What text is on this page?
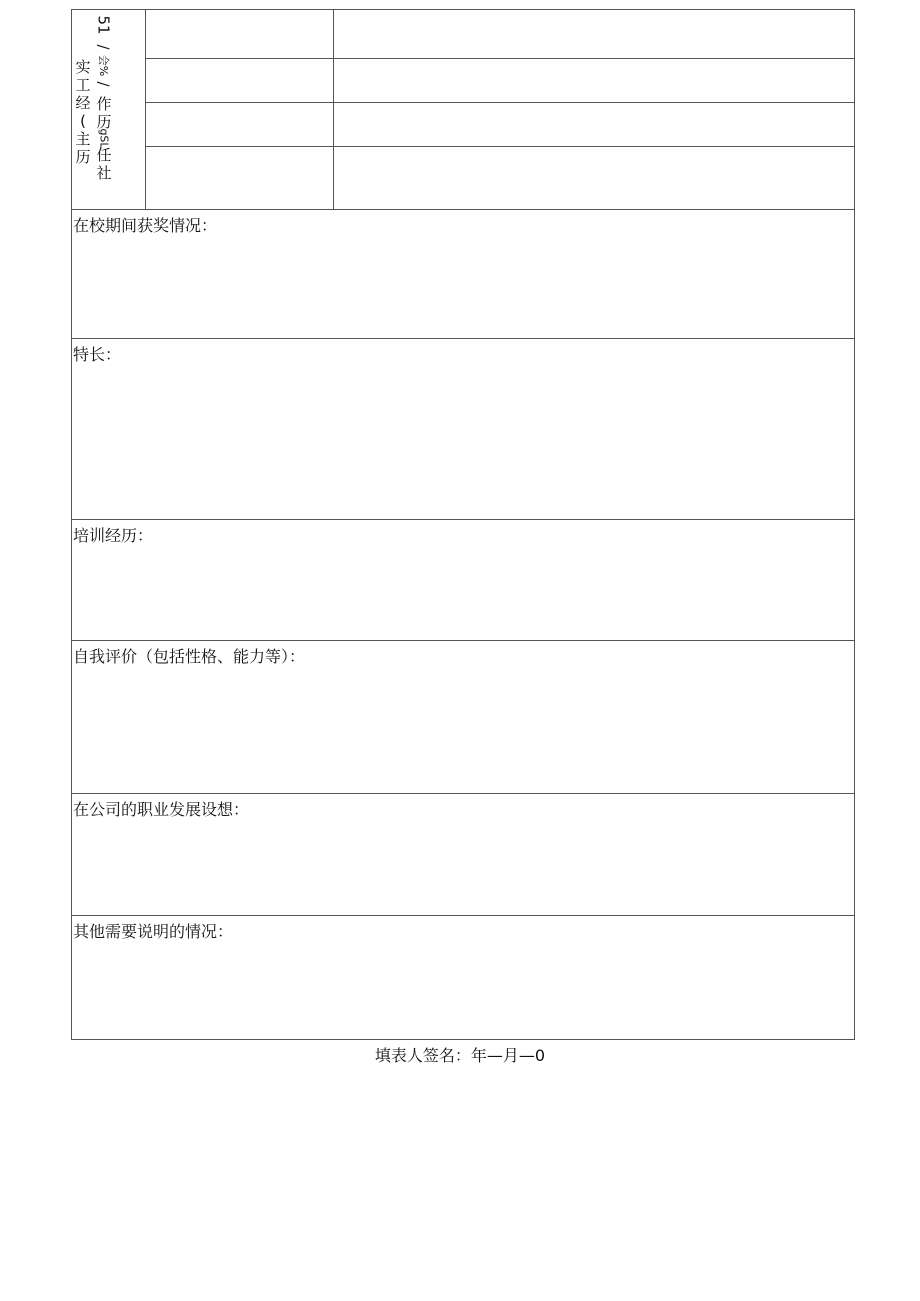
51
/
会%
/
作
历
gSL
任
社
实
工
经
(
主
历
在校期间获奖情况：
特长：
培训经历：
自我评价（包括性格、能力等）：
在公司的职业发展设想：
其他需要说明的情况：
填表人签名：年—月—0
